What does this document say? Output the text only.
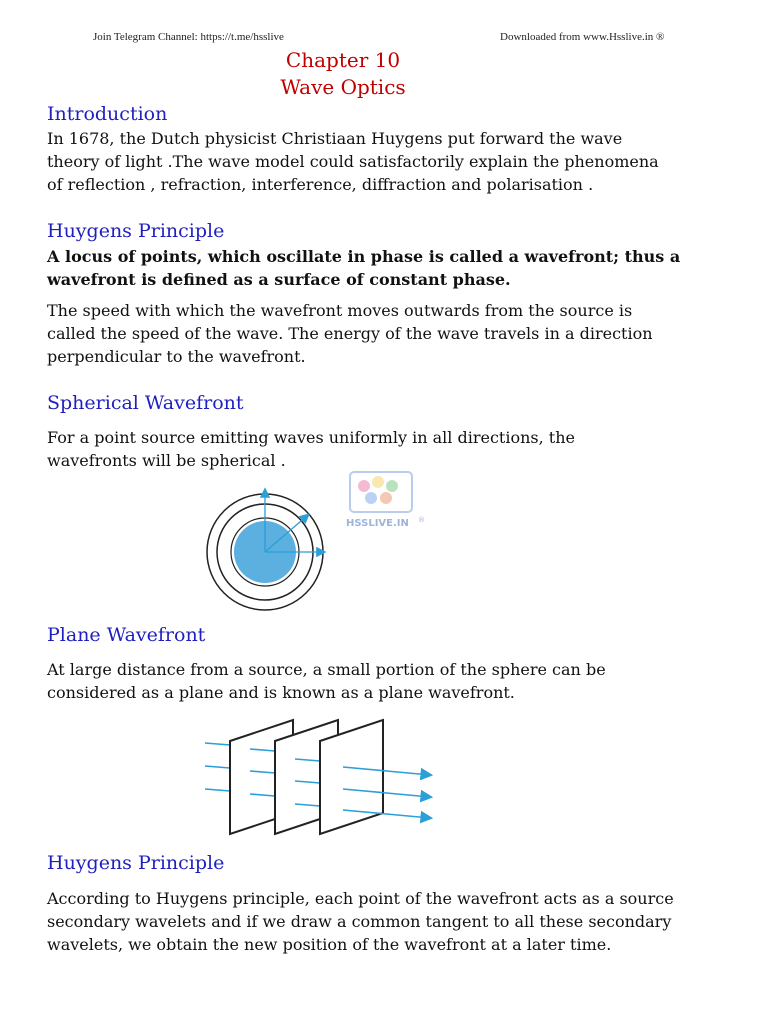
Join Telegram Channel: https://t.me/hsslive	Downloaded from www.Hsslive.in ®
Chapter 10
Wave Optics
Introduction
In 1678, the Dutch physicist Christiaan Huygens put forward the wave
theory of light .The wave model could satisfactorily explain the phenomena
of reflection , refraction, interference, diffraction and polarisation .
Huygens Principle
A locus of points, which oscillate in phase is called a wavefront; thus a
wavefront is defined as a surface of constant phase.
The speed with which the wavefront moves outwards from the source is
called the speed of the wave. The energy of the wave travels in a direction
perpendicular to the wavefront.
Spherical Wavefront
For a point source emitting waves uniformly in all directions, the
wavefronts will be spherical .
HSSLIVE.IN ®
Plane Wavefront
At large distance from a source, a small portion of the sphere can be
considered as a plane and is known as a plane wavefront.
Huygens Principle
According to Huygens principle, each point of the wavefront acts as a source
secondary wavelets and if we draw a common tangent to all these secondary
wavelets, we obtain the new position of the wavefront at a later time.
